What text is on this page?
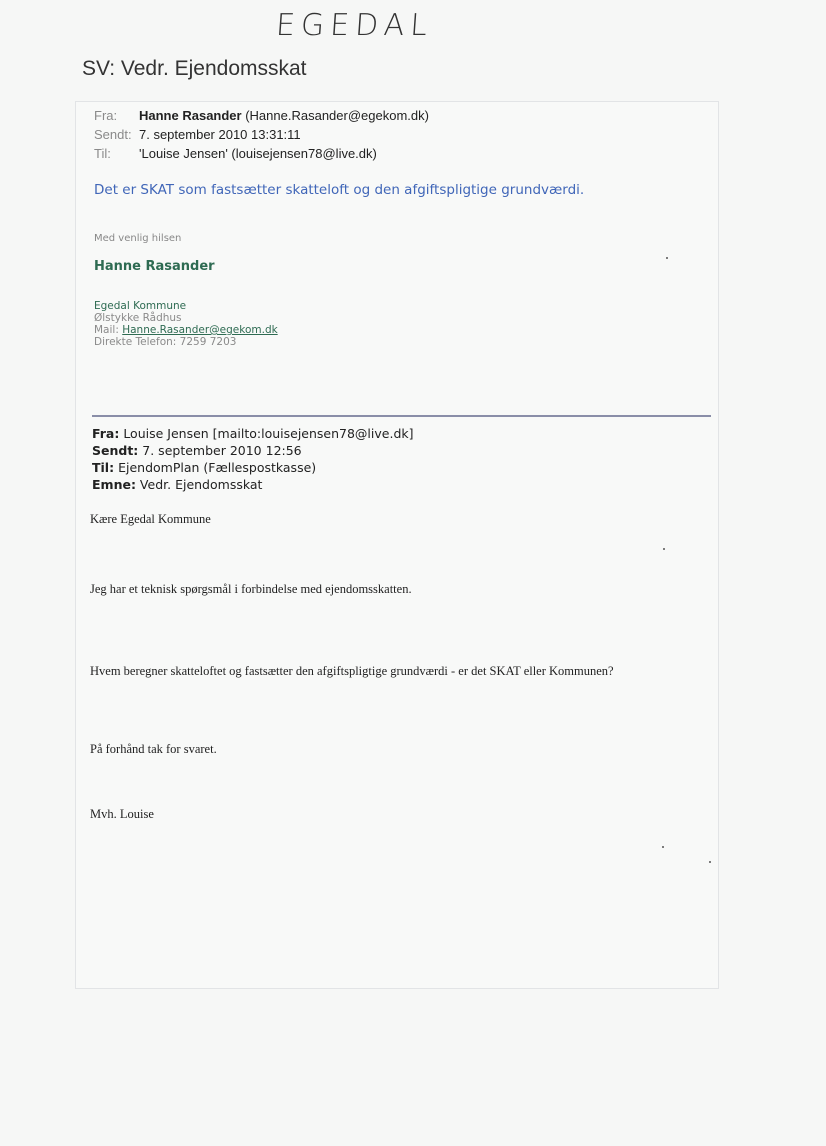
EGEDAL
SV: Vedr. Ejendomsskat
Fra:	Hanne Rasander (Hanne.Rasander@egekom.dk)
Sendt: 7. september 2010 13:31:11
Til:	'Louise Jensen' (louisejensen78@live.dk)
Det er SKAT som fastsætter skatteloft og den afgiftspligtige grundværdi.
Med venlig hilsen
Hanne Rasander
Egedal Kommune
Ølstykke Rådhus
Mail: Hanne.Rasander@egekom.dk
Direkte Telefon: 7259 7203
Fra: Louise Jensen [mailto:louisejensen78@live.dk]
Sendt: 7. september 2010 12:56
Til: EjendomPlan (Fællespostkasse)
Emne: Vedr. Ejendomsskat
Kære Egedal Kommune
Jeg har et teknisk spørgsmål i forbindelse med ejendomsskatten.
Hvem beregner skatteloftet og fastsætter den afgiftspligtige grundværdi - er det SKAT eller Kommunen?
På forhånd tak for svaret.
Mvh. Louise
